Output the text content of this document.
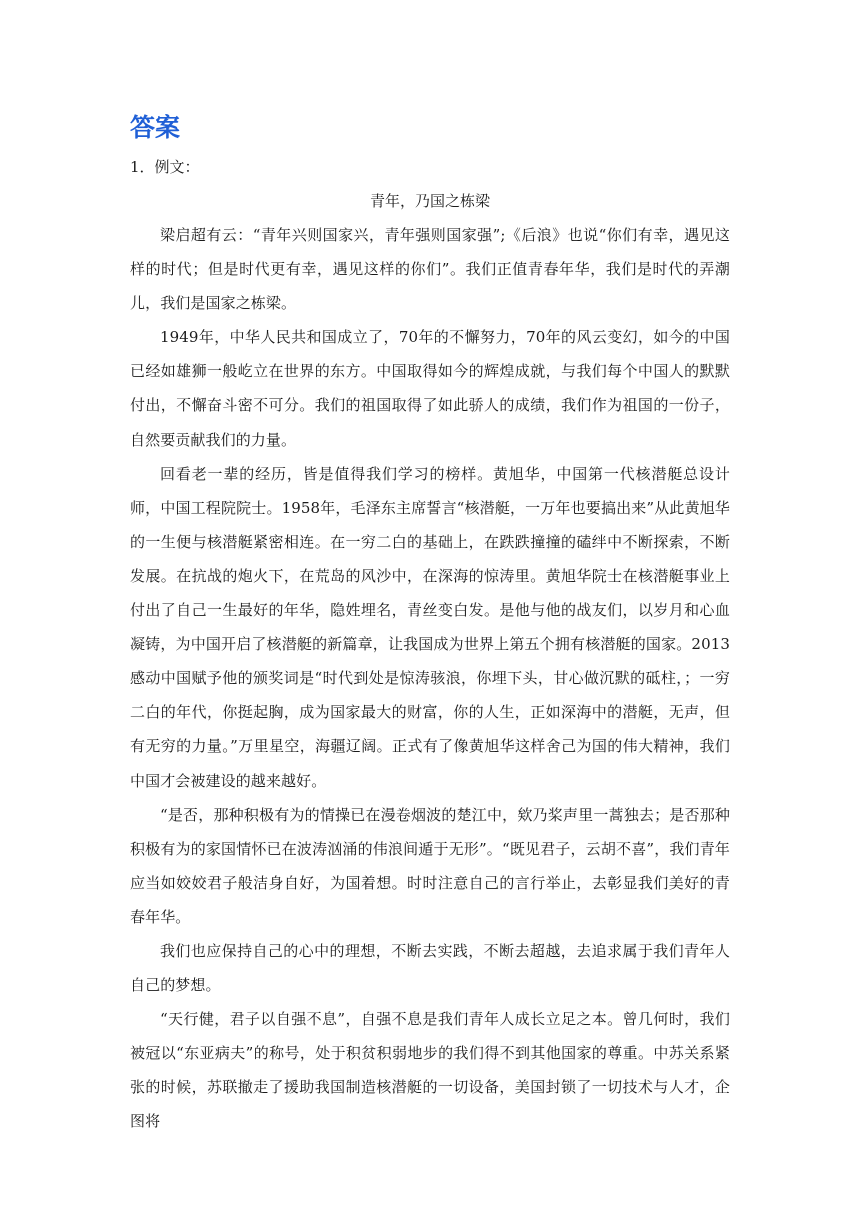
答案

1．例文：

青年，乃国之栋梁

梁启超有云：“青年兴则国家兴，青年强则国家强”;《后浪》也说“你们有幸，遇见这样的时代；但是时代更有幸，遇见这样的你们”。我们正值青春年华，我们是时代的弄潮儿，我们是国家之栋梁。

1949年，中华人民共和国成立了，70年的不懈努力，70年的风云变幻，如今的中国已经如雄狮一般屹立在世界的东方。中国取得如今的辉煌成就，与我们每个中国人的默默付出，不懈奋斗密不可分。我们的祖国取得了如此骄人的成绩，我们作为祖国的一份子，自然要贡献我们的力量。

回看老一辈的经历，皆是值得我们学习的榜样。黄旭华，中国第一代核潜艇总设计师，中国工程院院士。1958年，毛泽东主席誓言“核潜艇，一万年也要搞出来”从此黄旭华的一生便与核潜艇紧密相连。在一穷二白的基础上，在跌跌撞撞的磕绊中不断探索，不断发展。在抗战的炮火下，在荒岛的风沙中，在深海的惊涛里。黄旭华院士在核潜艇事业上付出了自己一生最好的年华，隐姓埋名，青丝变白发。是他与他的战友们，以岁月和心血凝铸，为中国开启了核潜艇的新篇章，让我国成为世界上第五个拥有核潜艇的国家。2013感动中国赋予他的颁奖词是“时代到处是惊涛骇浪，你埋下头，甘心做沉默的砥柱，；一穷二白的年代，你挺起胸，成为国家最大的财富，你的人生，正如深海中的潜艇，无声，但有无穷的力量。”万里星空，海疆辽阔。正式有了像黄旭华这样舍己为国的伟大精神，我们中国才会被建设的越来越好。

“是否，那种积极有为的情操已在漫卷烟波的楚江中，欸乃桨声里一蒿独去；是否那种积极有为的家国情怀已在波涛汹涌的伟浪间遁于无形”。“既见君子，云胡不喜”，我们青年应当如姣姣君子般洁身自好，为国着想。时时注意自己的言行举止，去彰显我们美好的青春年华。

我们也应保持自己的心中的理想，不断去实践，不断去超越，去追求属于我们青年人自己的梦想。

“天行健，君子以自强不息”，自强不息是我们青年人成长立足之本。曾几何时，我们被冠以“东亚病夫”的称号，处于积贫积弱地步的我们得不到其他国家的尊重。中苏关系紧张的时候，苏联撤走了援助我国制造核潜艇的一切设备，美国封锁了一切技术与人才，企图将
